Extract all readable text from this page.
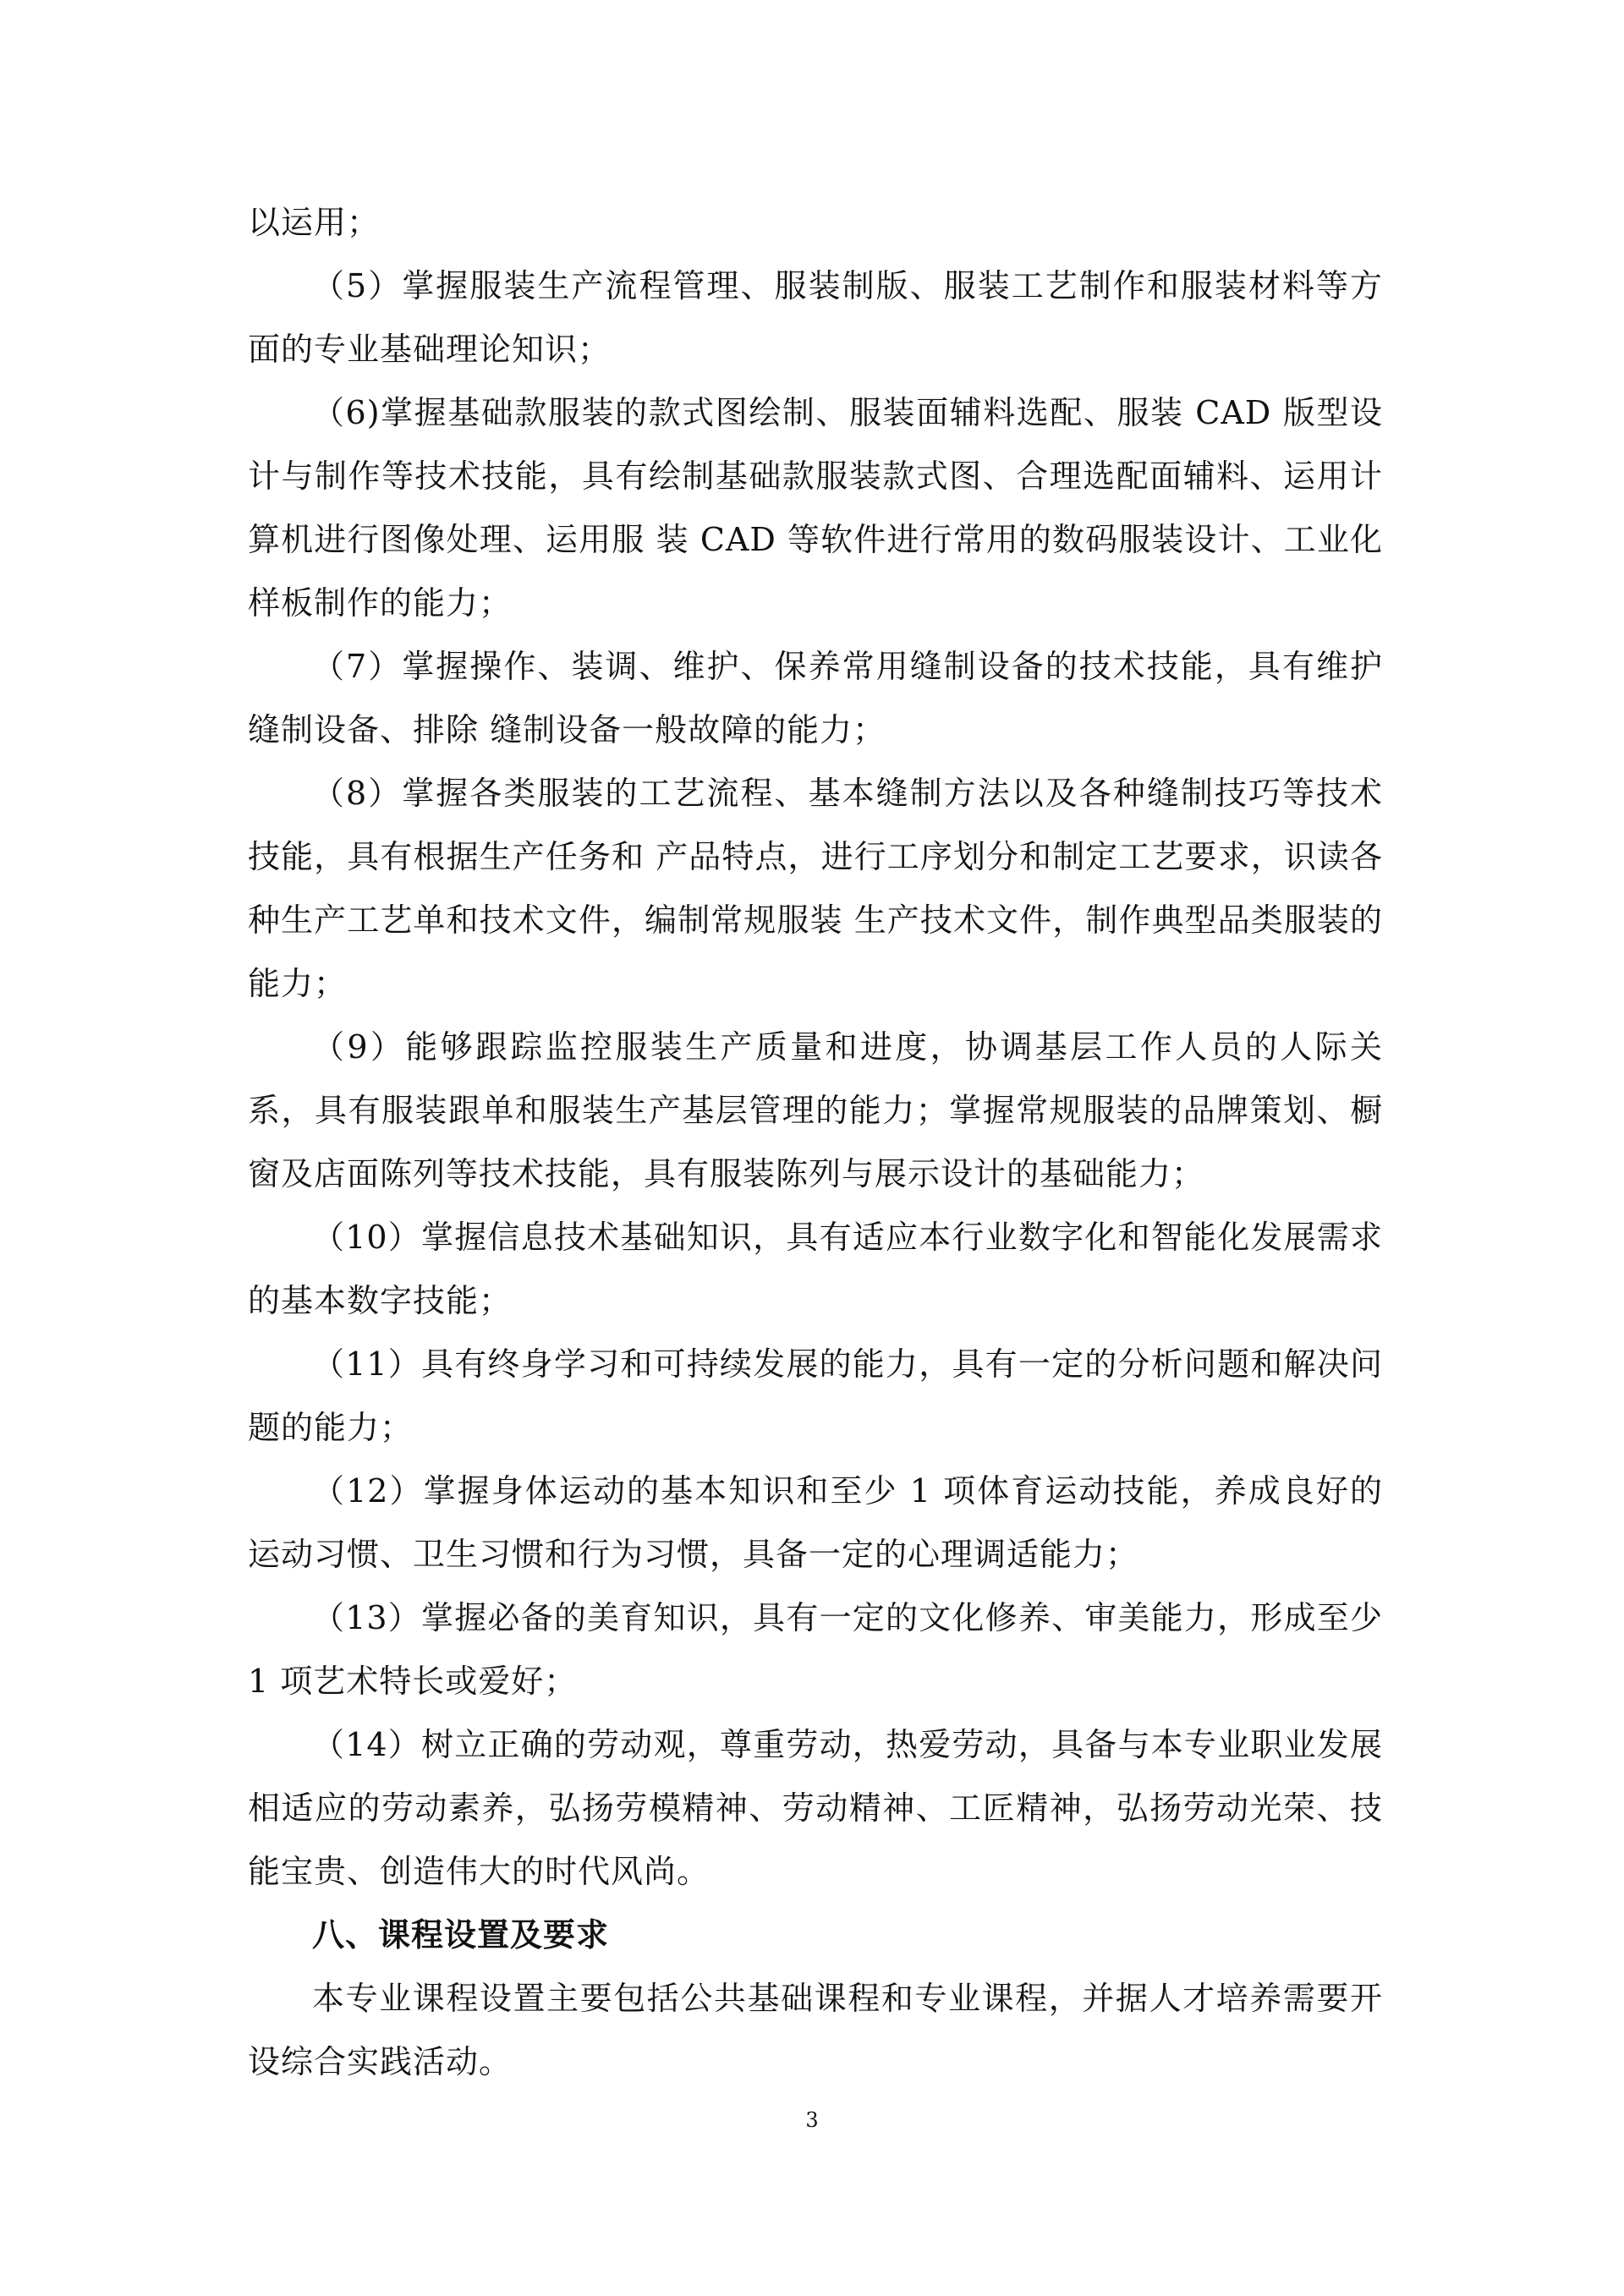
以运用；

（5）掌握服装生产流程管理、服装制版、服装工艺制作和服装材料等方面的专业基础理论知识；

（6)掌握基础款服装的款式图绘制、服装面辅料选配、服装 CAD 版型设计与制作等技术技能，具有绘制基础款服装款式图、合理选配面辅料、运用计算机进行图像处理、运用服 装 CAD 等软件进行常用的数码服装设计、工业化样板制作的能力；

（7）掌握操作、装调、维护、保养常用缝制设备的技术技能，具有维护缝制设备、排除 缝制设备一般故障的能力；

（8）掌握各类服装的工艺流程、基本缝制方法以及各种缝制技巧等技术技能，具有根据生产任务和 产品特点，进行工序划分和制定工艺要求，识读各种生产工艺单和技术文件，编制常规服装 生产技术文件，制作典型品类服装的能力；

（9）能够跟踪监控服装生产质量和进度，协调基层工作人员的人际关系，具有服装跟单和服装生产基层管理的能力；掌握常规服装的品牌策划、橱窗及店面陈列等技术技能，具有服装陈列与展示设计的基础能力；

（10）掌握信息技术基础知识，具有适应本行业数字化和智能化发展需求的基本数字技能；

（11）具有终身学习和可持续发展的能力，具有一定的分析问题和解决问题的能力；

（12）掌握身体运动的基本知识和至少 1 项体育运动技能，养成良好的运动习惯、卫生习惯和行为习惯，具备一定的心理调适能力；

（13）掌握必备的美育知识，具有一定的文化修养、审美能力，形成至少 1 项艺术特长或爱好；

（14）树立正确的劳动观，尊重劳动，热爱劳动，具备与本专业职业发展相适应的劳动素养，弘扬劳模精神、劳动精神、工匠精神，弘扬劳动光荣、技能宝贵、创造伟大的时代风尚。

八、课程设置及要求

本专业课程设置主要包括公共基础课程和专业课程，并据人才培养需要开设综合实践活动。

3
